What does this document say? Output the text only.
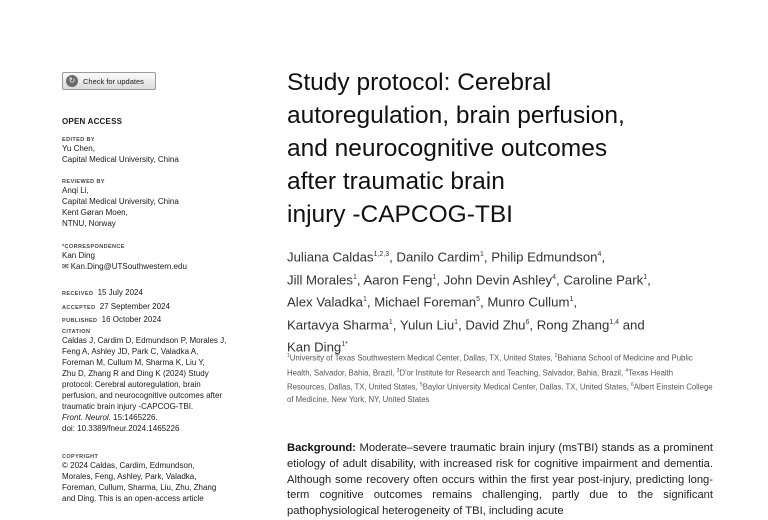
↻	Check for updates
OPEN ACCESS

EDITED BY

Yu Chen,

Capital Medical University, China

REVIEWED BY

Anqi Li,

Capital Medical University, China

Kent Gøran Moen,

NTNU, Norway

*CORRESPONDENCE

Kan Ding

✉ Kan.Ding@UTSouthwestern.edu

RECEIVED 15 July 2024
ACCEPTED 27 September 2024
PUBLISHED 16 October 2024

CITATION

Caldas J, Cardim D, Edmundson P, Morales J,

Feng A, Ashley JD, Park C, Valadka A,

Foreman M, Cullum M, Sharma K, Liu Y,

Zhu D, Zhang R and Ding K (2024) Study

protocol: Cerebral autoregulation, brain

perfusion, and neurocognitive outcomes after

traumatic brain injury -CAPCOG-TBI.

Front. Neurol. 15:1465226.

doi: 10.3389/fneur.2024.1465226

COPYRIGHT

© 2024 Caldas, Cardim, Edmundson,

Morales, Feng, Ashley, Park, Valadka,

Foreman, Cullum, Sharma, Liu, Zhu, Zhang

and Ding. This is an open-access article

Study protocol: Cerebral
autoregulation, brain perfusion,
and neurocognitive outcomes
after traumatic brain
injury -CAPCOG-TBI

Juliana Caldas$^{1,2,3}$, Danilo Cardim$^1$, Philip Edmundson$^4$,
Jill Morales$^1$, Aaron Feng$^1$, John Devin Ashley$^4$, Caroline Park$^1$,
Alex Valadka$^1$, Michael Foreman$^5$, Munro Cullum$^1$,
Kartavya Sharma$^1$, Yulun Liu$^1$, David Zhu$^6$, Rong Zhang$^{1,4}$ and
Kan Ding$^{1*}$

$^1$University of Texas Southwestern Medical Center, Dallas, TX, United States, $^2$Bahiana School of Medicine and Public Health, Salvador, Bahia, Brazil, $^3$D'or Institute for Research and Teaching, Salvador, Bahia, Brazil, $^4$Texas Health Resources, Dallas, TX, United States, $^5$Baylor University Medical Center, Dallas, TX, United States, $^6$Albert Einstein College of Medicine, New York, NY, United States

Background: Moderate–severe traumatic brain injury (msTBI) stands as a prominent etiology of adult disability, with increased risk for cognitive impairment and dementia. Although some recovery often occurs within the first year post-injury, predicting long-term cognitive outcomes remains challenging, partly due to the significant pathophysiological heterogeneity of TBI, including acute
